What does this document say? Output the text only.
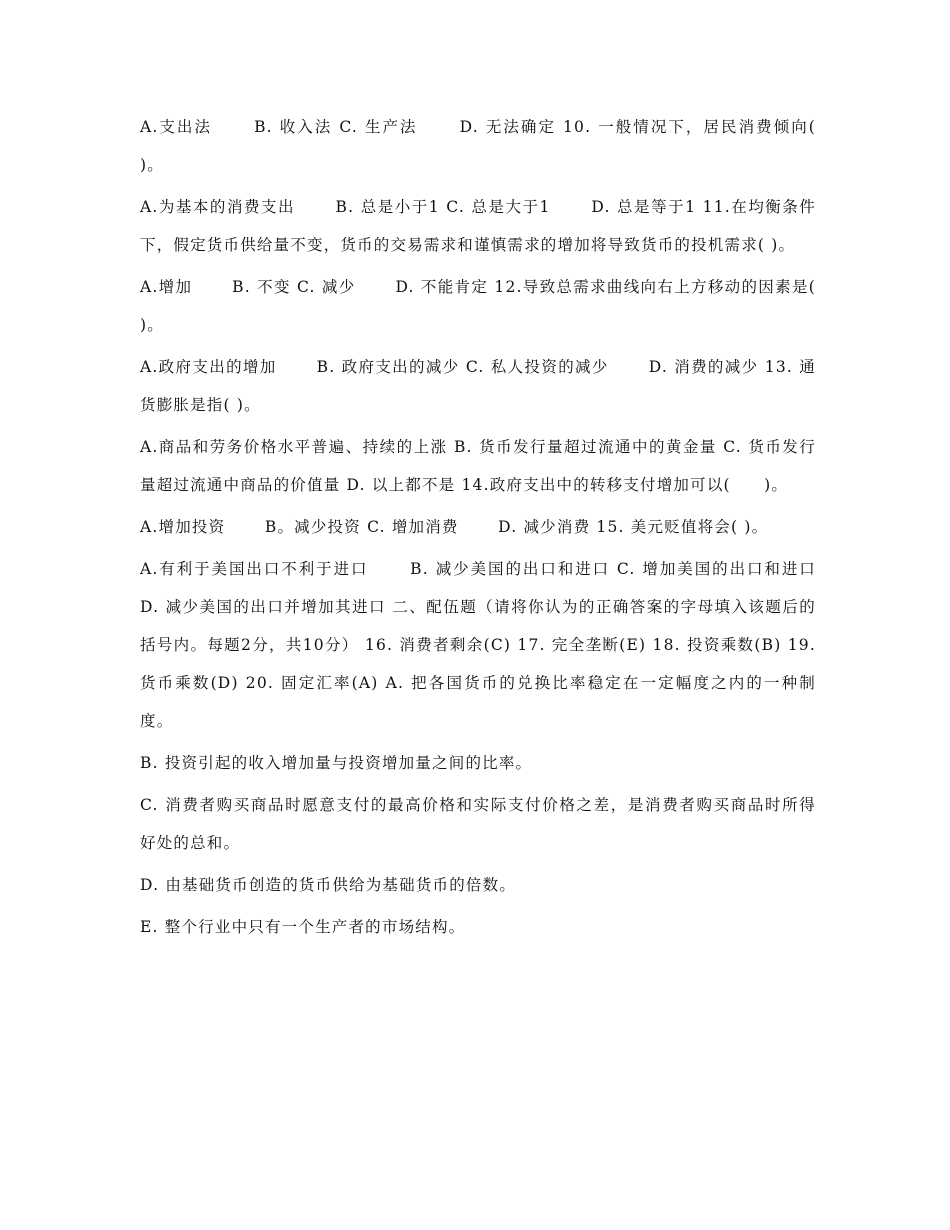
A.支出法　　 B. 收入法 C. 生产法　　 D. 无法确定 10. 一般情况下，居民消费倾向(　　)。

A.为基本的消费支出　　 B. 总是小于1 C. 总是大于1　　 D. 总是等于1 11.在均衡条件下，假定货币供给量不变，货币的交易需求和谨慎需求的增加将导致货币的投机需求( )。

A.增加　　 B. 不变 C. 减少　　 D. 不能肯定 12.导致总需求曲线向右上方移动的因素是(　　)。

A.政府支出的增加　　 B. 政府支出的减少 C. 私人投资的减少　　 D. 消费的减少 13. 通货膨胀是指( )。

A.商品和劳务价格水平普遍、持续的上涨 B. 货币发行量超过流通中的黄金量 C. 货币发行量超过流通中商品的价值量 D. 以上都不是 14.政府支出中的转移支付增加可以(　　)。

A.增加投资　　 B。减少投资 C. 增加消费　　 D. 减少消费 15. 美元贬值将会( )。

A.有利于美国出口不利于进口　　 B. 减少美国的出口和进口 C. 增加美国的出口和进口　　 D. 减少美国的出口并增加其进口 二、配伍题（请将你认为的正确答案的字母填入该题后的括号内。每题2分，共10分） 16. 消费者剩余(C) 17. 完全垄断(E) 18. 投资乘数(B) 19. 货币乘数(D) 20. 固定汇率(A) A. 把各国货币的兑换比率稳定在一定幅度之内的一种制度。

B. 投资引起的收入增加量与投资增加量之间的比率。

C. 消费者购买商品时愿意支付的最高价格和实际支付价格之差，是消费者购买商品时所得好处的总和。

D. 由基础货币创造的货币供给为基础货币的倍数。

E. 整个行业中只有一个生产者的市场结构。
